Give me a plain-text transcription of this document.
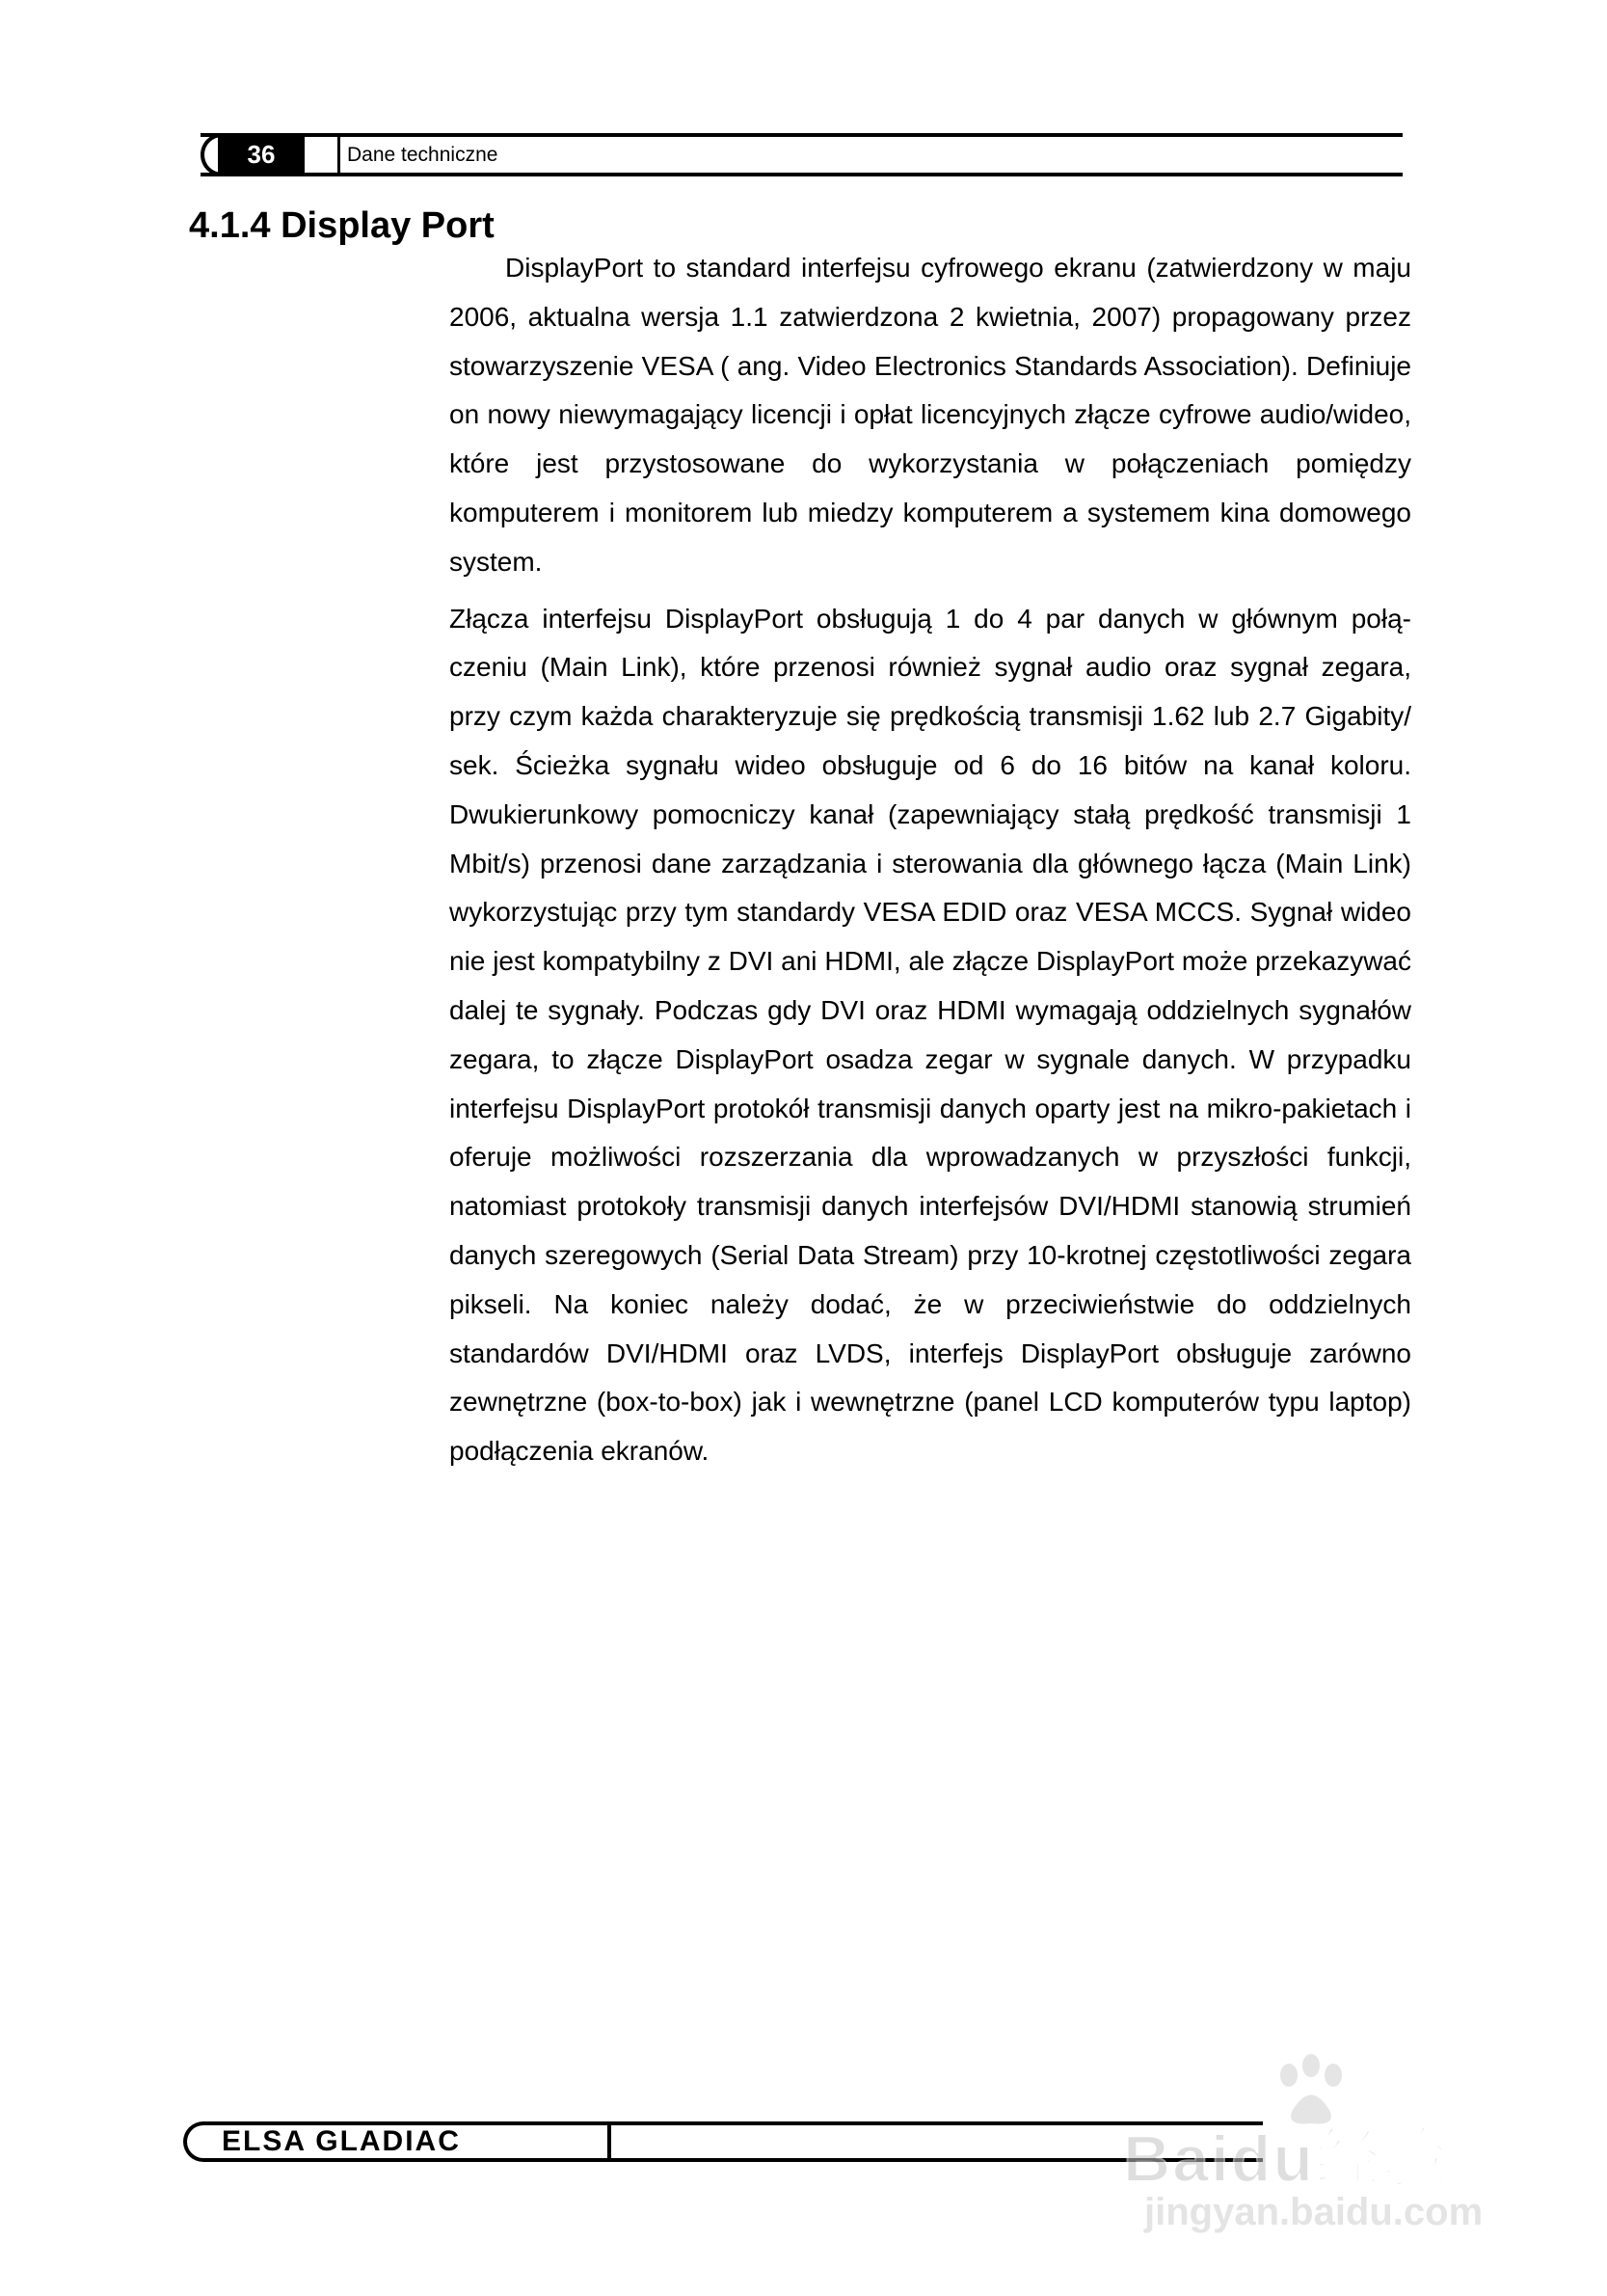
36	Dane techniczne
4.1.4 Display Port

DisplayPort to standard interfejsu cyfrowego ekranu (zatwierdzony w maju 2006, aktualna wersja 1.1 zatwierdzona 2 kwietnia, 2007) propagowany przez stowarzyszenie VESA ( ang. Video Electronics Standards Association). Definiuje on nowy niewymagający licencji i opłat licencyjnych złącze cyfrowe audio/wideo, które jest przystosowane do wykorzystania w połączeniach pomiędzy komputerem i monitorem lub miedzy komputerem a systemem kina domowego system.

Złącza interfejsu DisplayPort obsługują 1 do 4 par danych w głównym połączeniu (Main Link), które przenosi również sygnał audio oraz sygnał zegara, przy czym każda charakteryzuje się prędkością transmisji 1.62 lub 2.7 Gigabity/ sek. Ścieżka sygnału wideo obsługuje od 6 do 16 bitów na kanał koloru. Dwukierunkowy pomocniczy kanał (zapewniający stałą prędkość transmisji 1 Mbit/s) przenosi dane zarządzania i sterowania dla głównego łącza (Main Link) wykorzystując przy tym standardy VESA EDID oraz VESA MCCS. Sygnał wideo nie jest kompatybilny z DVI ani HDMI, ale złącze DisplayPort może przekazywać dalej te sygnały. Podczas gdy DVI oraz HDMI wymagają oddzielnych sygnałów zegara, to złącze DisplayPort osadza zegar w sygnale danych. W przypadku interfejsu DisplayPort protokół transmisji danych oparty jest na mikro-pakietach i oferuje możliwości rozszerzania dla wprowadzanych w przyszłości funkcji, natomiast protokoły transmisji danych interfejsów DVI/HDMI stanowią strumień danych szeregowych (Serial Data Stream) przy 10-krotnej częstotliwości zegara pikseli. Na koniec należy dodać, że w przeciwieństwie do oddzielnych standardów DVI/HDMI oraz LVDS, interfejs DisplayPort obsługuje zarówno zewnętrzne (box-to-box) jak i wewnętrzne (panel LCD komputerów typu laptop) podłączenia ekranów.

ELSA GLADIAC	Baidu经验
jingyan.baidu.com
